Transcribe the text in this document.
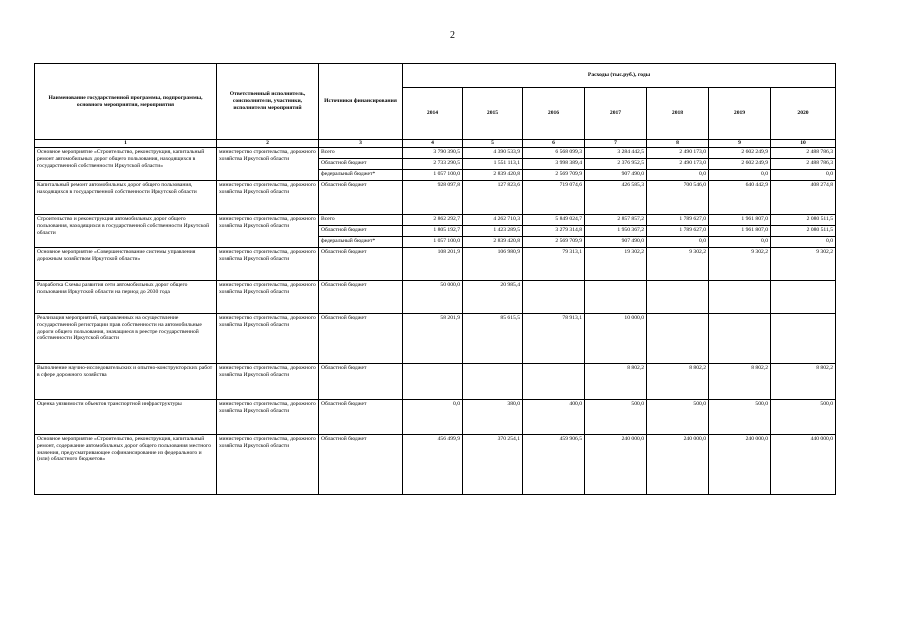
2
Наименование государственной программы, подпрограммы, основного мероприятия, мероприятия	Ответственный исполнитель, соисполнители, участники, исполнители мероприятий	Источники финансирования	Расходы (тыс.руб.), годы						
			2014	2015	2016	2017	2018	2019	2020
1	2	3	4	5	6	7	8	9	10
Основное мероприятие «Строительство, реконструкция, капитальный ремонт автомобильных дорог общего пользования, находящихся в государственной собственности Иркутской области»	министерство строительства, дорожного хозяйства Иркутской области	Всего	3 790 390,5	4 390 533,9	6 568 099,3	3 284 442,5	2 490 173,0	2 602 249,9	2 488 786,3
		Областной бюджет	2 733 290,5	1 551 113,1	3 998 389,4	2 376 952,5	2 490 173,0	2 602 249,9	2 488 786,3
		федеральный бюджет*	1 057 100,0	2 839 420,8	2 569 709,9	907 490,0	0,0	0,0	0,0
Капитальный ремонт автомобильных дорог общего пользования, находящихся в государственной собственности Иркутской области	министерство строительства, дорожного хозяйства Иркутской области	Областной бюджет	928 097,8	127 823,6	719 074,6	426 585,3	700 546,0	640 442,9	408 274,8
Строительство и реконструкция автомобильных дорог общего пользования, находящихся в государственной собственности Иркутской области	министерство строительства, дорожного хозяйства Иркутской области	Всего	2 862 292,7	4 262 710,3	5 849 024,7	2 857 857,2	1 789 627,0	1 961 807,0	2 080 511,5
		Областной бюджет	1 805 192,7	1 423 289,5	3 279 314,8	1 950 367,2	1 789 627,0	1 961 807,0	2 080 511,5
		федеральный бюджет*	1 057 100,0	2 839 420,8	2 569 709,9	907 490,0	0,0	0,0	0,0
Основное мероприятие «Совершенствование системы управления дорожным хозяйством Иркутской области»	министерство строительства, дорожного хозяйства Иркутской области	Областной бюджет	108 201,9	106 980,9	79 313,1	19 302,2	9 302,2	9 302,2	9 302,2
Разработка Схемы развития сети автомобильных дорог общего пользования Иркутской области на период до 2030 года	министерство строительства, дорожного хозяйства Иркутской области	Областной бюджет	50 000,0	20 985,4					
Реализация мероприятий, направленных на осуществление государственной регистрации прав собственности на автомобильные дороги общего пользования, значащиеся в реестре государственной собственности Иркутской области	министерство строительства, дорожного хозяйства Иркутской области	Областной бюджет	58 201,9	85 615,5	78 913,1	10 000,0			
Выполнение научно-исследовательских и опытно-конструкторских работ в сфере дорожного хозяйства	министерство строительства, дорожного хозяйства Иркутской области	Областной бюджет				8 802,2	8 802,2	8 802,2	8 802,2
Оценка уязвимости объектов транспортной инфраструктуры	министерство строительства, дорожного хозяйства Иркутской области	Областной бюджет	0,0	380,0	400,0	500,0	500,0	500,0	500,0
Основное мероприятие «Строительство, реконструкция, капитальный ремонт, содержание автомобильных дорог общего пользования местного значения, предусматривающее софинансирование из федерального и (или) областного бюджетов»	министерство строительства, дорожного хозяйства Иркутской области	Областной бюджет	456 499,9	370 254,1	459 906,5	240 000,0	240 000,0	240 000,0	440 000,0
